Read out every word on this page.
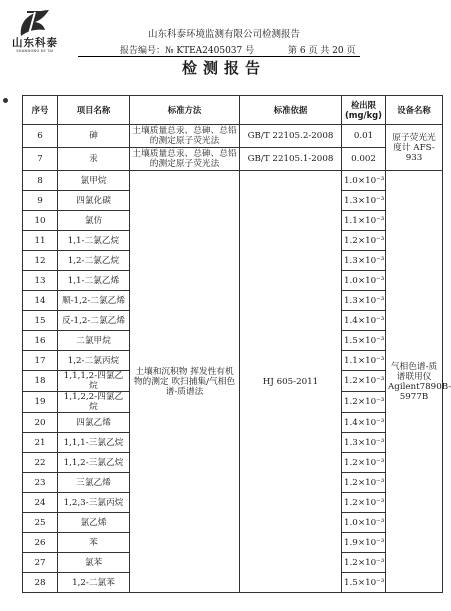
山东科泰
SHANDONG KE TAI
山东科泰环境监测有限公司检测报告
报告编号：№ KTEA2405037 号	第 6 页 共 20 页
检测报告
序号	项目名称	标准方法	标准依据	检出限
(mg/kg)	设备名称
6	砷	土壤质量总汞、总砷、总铅的测定原子荧光法	GB/T 22105.2-2008	0.01	原子荧光光度计 AFS-933
7	汞	土壤质量总汞、总砷、总铅的测定原子荧光法	GB/T 22105.1-2008	0.002	
8	氯甲烷	土壤和沉积物 挥发性有机物的测定 吹扫捕集/气相色谱-质谱法	HJ 605-2011	1.0×10⁻³	气相色谱-质谱联用仪 Agilent7890B-5977B
9	四氯化碳			1.3×10⁻³	
10	氯仿			1.1×10⁻³	
11	1,1-二氯乙烷			1.2×10⁻³	
12	1,2-二氯乙烷			1.3×10⁻³	
13	1,1-二氯乙烯			1.0×10⁻³	
14	顺-1,2-二氯乙烯			1.3×10⁻³	
15	反-1,2-二氯乙烯			1.4×10⁻³	
16	二氯甲烷			1.5×10⁻³	
17	1,2-二氯丙烷			1.1×10⁻³	
18	1,1,1,2-四氯乙烷			1.2×10⁻³	
19	1,1,2,2-四氯乙烷			1.2×10⁻³	
20	四氯乙烯			1.4×10⁻³	
21	1,1,1-三氯乙烷			1.3×10⁻³	
22	1,1,2-三氯乙烷			1.2×10⁻³	
23	三氯乙烯			1.2×10⁻³	
24	1,2,3-三氯丙烷			1.2×10⁻³	
25	氯乙烯			1.0×10⁻³	
26	苯			1.9×10⁻³	
27	氯苯			1.2×10⁻³	
28	1,2-二氯苯			1.5×10⁻³	
